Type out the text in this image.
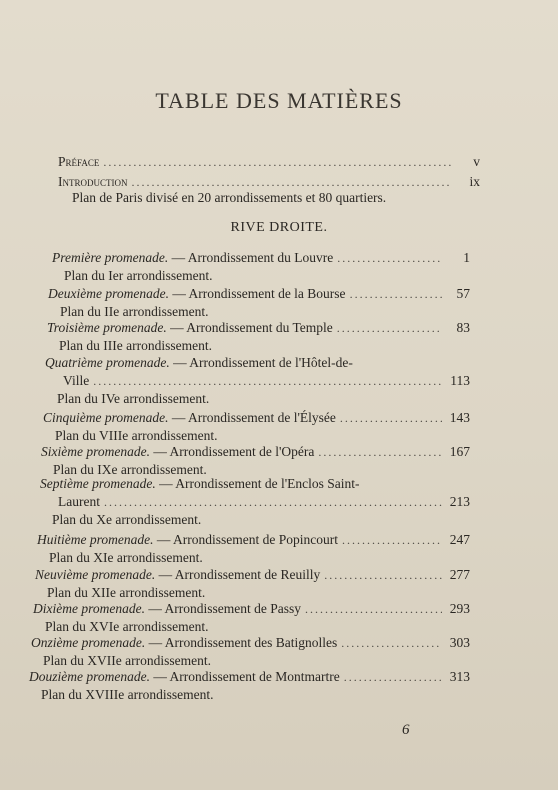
TABLE DES MATIÈRES
Préface .....	v
Introduction .....	ix
Plan de Paris divisé en 20 arrondissements et 80 quartiers.
RIVE DROITE.
Première promenade. — Arrondissement du Louvre .....	1
Plan du Ier arrondissement.
Deuxième promenade. — Arrondissement de la Bourse .....	57
Plan du IIe arrondissement.
Troisième promenade. — Arrondissement du Temple .....	83
Plan du IIIe arrondissement.
Quatrième promenade. — Arrondissement de l'Hôtel-de-
Ville .....	113
Plan du IVe arrondissement.
Cinquième promenade. — Arrondissement de l'Élysée .....	143
Plan du VIIIe arrondissement.
Sixième promenade. — Arrondissement de l'Opéra .....	167
Plan du IXe arrondissement.
Septième promenade. — Arrondissement de l'Enclos Saint-
Laurent .....	213
Plan du Xe arrondissement.
Huitième promenade. — Arrondissement de Popincourt .....	247
Plan du XIe arrondissement.
Neuvième promenade. — Arrondissement de Reuilly .....	277
Plan du XIIe arrondissement.
Dixième promenade. — Arrondissement de Passy .....	293
Plan du XVIe arrondissement.
Onzième promenade. — Arrondissement des Batignolles .....	303
Plan du XVIIe arrondissement.
Douzième promenade. — Arrondissement de Montmartre .....	313
Plan du XVIIIe arrondissement.
6
